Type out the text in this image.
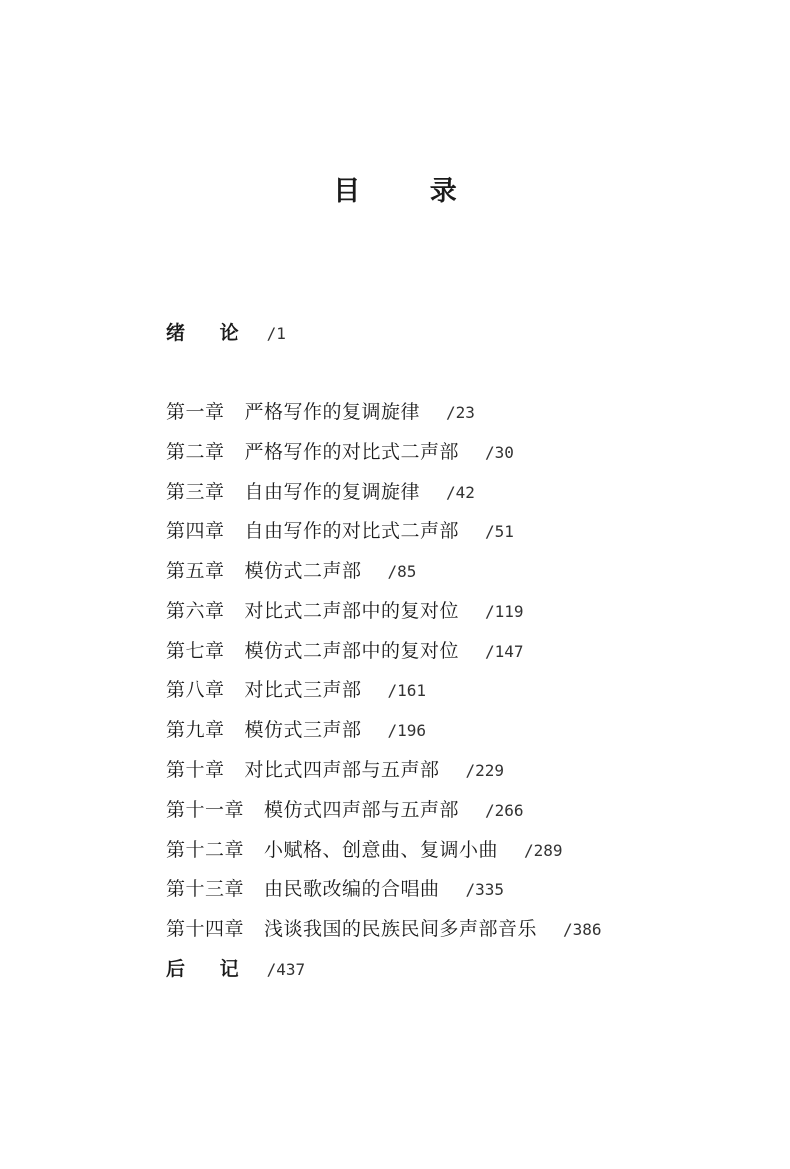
目 录
绪 论 /1
第一章 严格写作的复调旋律 /23
第二章 严格写作的对比式二声部 /30
第三章 自由写作的复调旋律 /42
第四章 自由写作的对比式二声部 /51
第五章 模仿式二声部 /85
第六章 对比式二声部中的复对位 /119
第七章 模仿式二声部中的复对位 /147
第八章 对比式三声部 /161
第九章 模仿式三声部 /196
第十章 对比式四声部与五声部 /229
第十一章 模仿式四声部与五声部 /266
第十二章 小赋格、创意曲、复调小曲 /289
第十三章 由民歌改编的合唱曲 /335
第十四章 浅谈我国的民族民间多声部音乐 /386
后 记 /437
